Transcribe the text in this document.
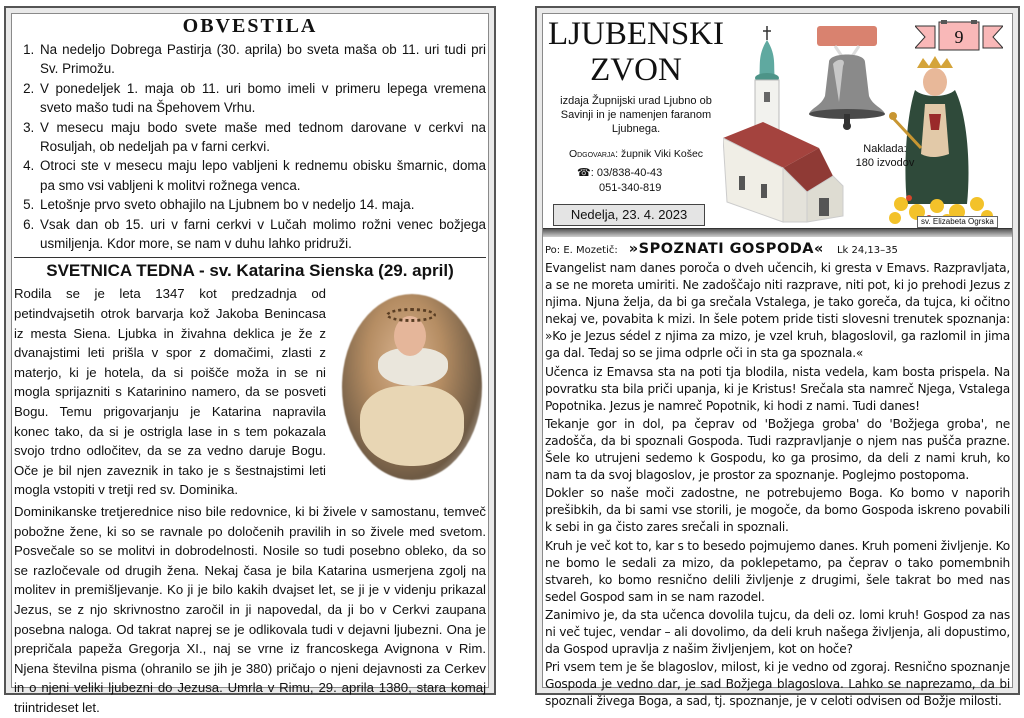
OBVESTILA
1. Na nedeljo Dobrega Pastirja (30. aprila) bo sveta maša ob 11. uri tudi pri Sv. Primožu.
2. V ponedeljek 1. maja ob 11. uri bomo imeli v primeru lepega vremena sveto mašo tudi na Špehovem Vrhu.
3. V mesecu maju bodo svete maše med tednom darovane v cerkvi na Rosuljah, ob nedeljah pa v farni cerkvi.
4. Otroci ste v mesecu maju lepo vabljeni k rednemu obisku šmarnic, doma pa smo vsi vabljeni k molitvi rožnega venca.
5. Letošnje prvo sveto obhajilo na Ljubnem bo v nedeljo 14. maja.
6. Vsak dan ob 15. uri v farni cerkvi v Lučah molimo rožni venec božjega usmiljenja. Kdor more, se nam v duhu lahko pridruži.
SVETNICA TEDNA - sv. Katarina Sienska (29. april)

Rodila se je leta 1347 kot predzadnja od petindvajsetih otrok barvarja kož Jakoba Benincasa iz mesta Siena. Ljubka in živahna deklica je že z dvanajstimi leti prišla v spor z domačimi, zlasti z materjo, ki je hotela, da si poišče moža in se ni mogla sprijazniti s Katarinino namero, da se posveti Bogu. Temu prigovarjanju je Katarina napravila konec tako, da si je ostrigla lase in s tem pokazala svojo trdno odločitev, da se za vedno daruje Bogu. Oče je bil njen zaveznik in tako je s šestnajstimi leti mogla vstopiti v tretji red sv. Dominika.

Dominikanske tretjerednice niso bile redovnice, ki bi živele v samostanu, temveč pobožne žene, ki so se ravnale po določenih pravilih in so živele med svetom. Posvečale so se molitvi in dobrodelnosti. Nosile so tudi posebno obleko, da so se razločevale od drugih žena. Nekaj časa je bila Katarina usmerjena zgolj na molitev in premišljevanje. Ko ji je bilo kakih dvajset let, se ji je v videnju prikazal Jezus, se z njo skrivnostno zaročil in ji napovedal, da ji bo v Cerkvi zaupana posebna naloga. Od takrat naprej se je odlikovala tudi v dejavni ljubezni. Ona je prepričala papeža Gregorja XI., naj se vrne iz francoskega Avignona v Rim. Njena številna pisma (ohranilo se jih je 380) pričajo o njeni dejavnosti za Cerkev in o njeni veliki ljubezni do Jezusa. Umrla v Rimu, 29. aprila 1380, stara komaj triintrideset let.

LJUBENSKI
ZVON
izdaja Župnijski urad Ljubno ob Savinji in je namenjen faranom Ljubnega.
Odgovarja: župnik Viki Košec
☎: 03/838-40-43
051-340-819
Nedelja, 23. 4. 2023
9
Naklada:
180 izvodov
sv. Elizabeta Ogrska
Po: E. Mozetič: »SPOZNATI GOSPODA« Lk 24,13–35

Evangelist nam danes poroča o dveh učencih, ki gresta v Emavs. Razpravljata, a se ne moreta umiriti. Ne zadoščajo niti razprave, niti pot, ki jo prehodi Jezus z njima. Njuna želja, da bi ga srečala Vstalega, je tako goreča, da tujca, ki očitno nekaj ve, povabita k mizi. In šele potem pride tisti slovesni trenutek spoznanja: »Ko je Jezus sédel z njima za mizo, je vzel kruh, blagoslovil, ga razlomil in jima ga dal. Tedaj so se jima odprle oči in sta ga spoznala.«

Učenca iz Emavsa sta na poti tja blodila, nista vedela, kam bosta prispela. Na povratku sta bila priči upanja, ki je Kristus! Srečala sta namreč Njega, Vstalega Popotnika. Jezus je namreč Popotnik, ki hodi z nami. Tudi danes!

Tekanje gor in dol, pa čeprav od 'Božjega groba' do 'Božjega groba', ne zadošča, da bi spoznali Gospoda. Tudi razpravljanje o njem nas pušča prazne. Šele ko utrujeni sedemo k Gospodu, ko ga prosimo, da deli z nami kruh, ko nam ta da svoj blagoslov, je prostor za spoznanje. Poglejmo postopoma.

Dokler so naše moči zadostne, ne potrebujemo Boga. Ko bomo v naporih prešibkih, da bi sami vse storili, je mogoče, da bomo Gospoda iskreno povabili k sebi in ga čisto zares srečali in spoznali.

Kruh je več kot to, kar s to besedo pojmujemo danes. Kruh pomeni življenje. Ko ne bomo le sedali za mizo, da poklepetamo, pa čeprav o tako pomembnih stvareh, ko bomo resnično delili življenje z drugimi, šele takrat bo med nas sedel Gospod sam in se nam razodel.

Zanimivo je, da sta učenca dovolila tujcu, da deli oz. lomi kruh! Gospod za nas ni več tujec, vendar – ali dovolimo, da deli kruh našega življenja, ali dopustimo, da Gospod upravlja z našim življenjem, kot on hoče?

Pri vsem tem je še blagoslov, milost, ki je vedno od zgoraj. Resnično spoznanje Gospoda je vedno dar, je sad Božjega blagoslova. Lahko se naprezamo, da bi spoznali živega Boga, a sad, tj. spoznanje, je v celoti odvisen od Božje milosti.
